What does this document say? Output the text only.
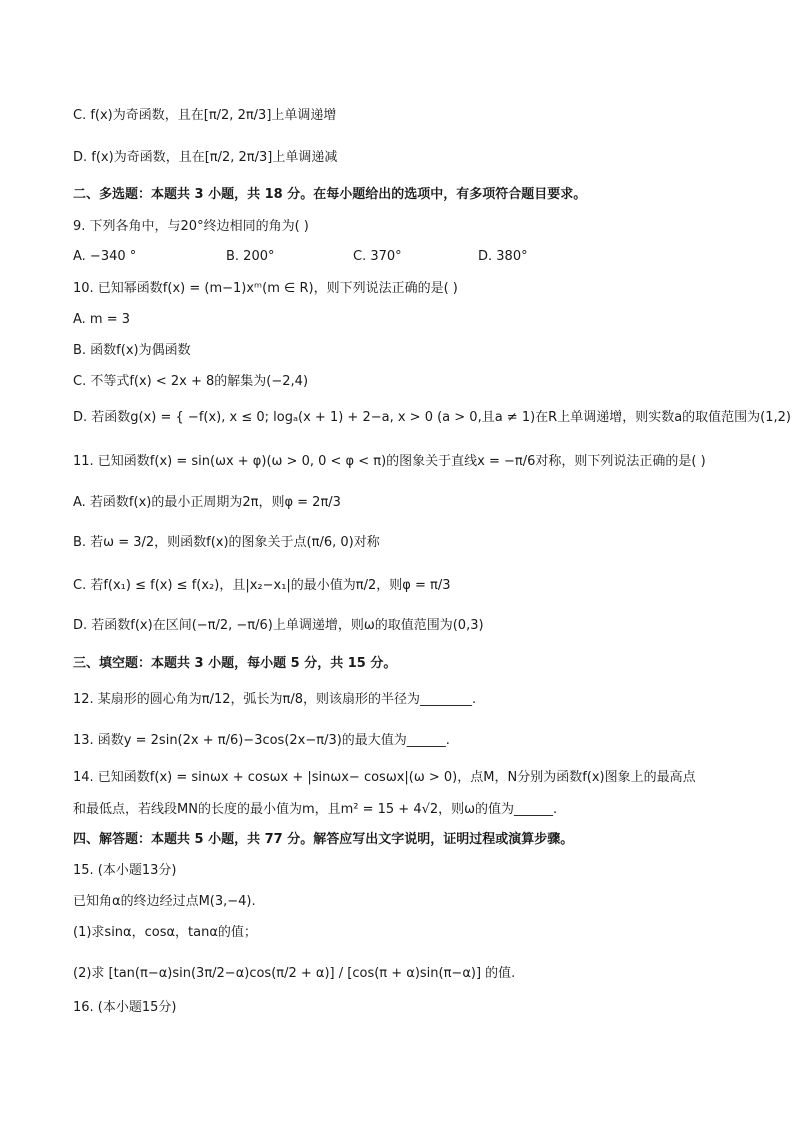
C. f(x)为奇函数，且在[π/2, 2π/3]上单调递增
D. f(x)为奇函数，且在[π/2, 2π/3]上单调递减
二、多选题：本题共 3 小题，共 18 分。在每小题给出的选项中，有多项符合题目要求。
9. 下列各角中，与20°终边相同的角为( )
A. −340 °	B. 200°	C. 370°	D. 380°
10. 已知幂函数f(x) = (m−1)xᵐ(m ∈ R)，则下列说法正确的是( )
A. m = 3
B. 函数f(x)为偶函数
C. 不等式f(x) < 2x + 8的解集为(−2,4)
D. 若函数g(x) = { −f(x), x ≤ 0; logₐ(x + 1) + 2−a, x > 0 (a > 0,且a ≠ 1)在R上单调递增，则实数a的取值范围为(1,2)
11. 已知函数f(x) = sin(ωx + φ)(ω > 0, 0 < φ < π)的图象关于直线x = −π/6对称，则下列说法正确的是( )
A. 若函数f(x)的最小正周期为2π，则φ = 2π/3
B. 若ω = 3/2，则函数f(x)的图象关于点(π/6, 0)对称
C. 若f(x₁) ≤ f(x) ≤ f(x₂)，且|x₂−x₁|的最小值为π/2，则φ = π/3
D. 若函数f(x)在区间(−π/2, −π/6)上单调递增，则ω的取值范围为(0,3)
三、填空题：本题共 3 小题，每小题 5 分，共 15 分。
12. 某扇形的圆心角为π/12，弧长为π/8，则该扇形的半径为________.
13. 函数y = 2sin(2x + π/6)−3cos(2x−π/3)的最大值为______.
14. 已知函数f(x) = sinωx + cosωx + |sinωx− cosωx|(ω > 0)，点M，N分别为函数f(x)图象上的最高点
和最低点，若线段MN的长度的最小值为m，且m² = 15 + 4√2，则ω的值为______.
四、解答题：本题共 5 小题，共 77 分。解答应写出文字说明，证明过程或演算步骤。
15. (本小题13分)
已知角α的终边经过点M(3,−4).
(1)求sinα，cosα，tanα的值；
(2)求 [tan(π−α)sin(3π/2−α)cos(π/2 + α)] / [cos(π + α)sin(π−α)] 的值.
16. (本小题15分)
